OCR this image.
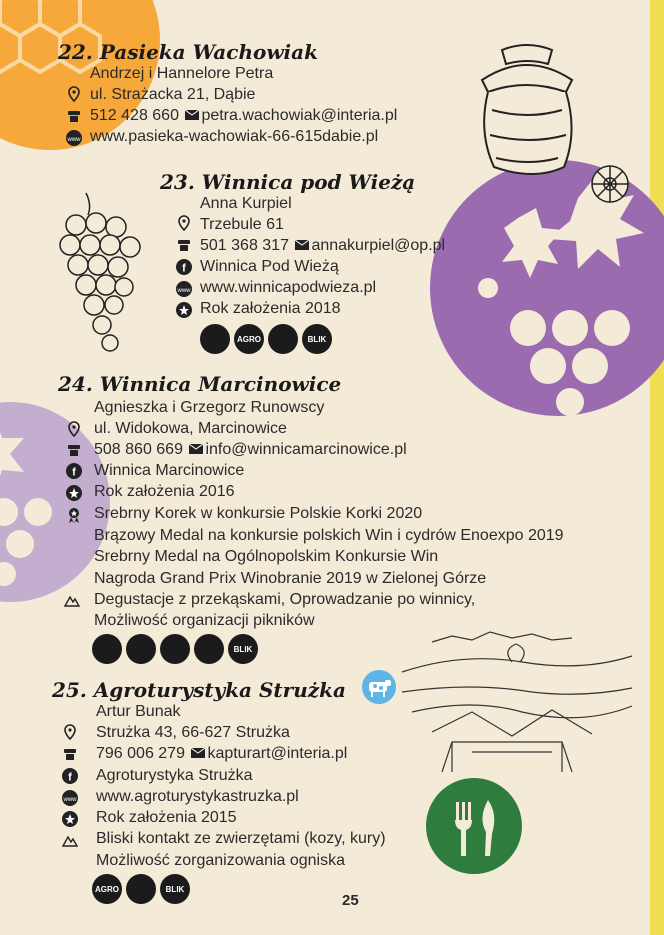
22. Pasieka Wachowiak
Andrzej i Hannelore Petra
ul. Strażacka 21, Dąbie
512 428 660 petra.wachowiak@interia.pl
www www.pasieka-wachowiak-66-615dabie.pl
23. Winnica pod Wieżą
Anna Kurpiel
Trzebule 61
501 368 317 annakurpiel@op.pl
f Winnica Pod Wieżą
www www.winnicapodwieza.pl
Rok założenia 2018
AGRO	BLIK
24. Winnica Marcinowice
Agnieszka i Grzegorz Runowscy
ul. Widokowa, Marcinowice
508 860 669 info@winnicamarcinowice.pl
f Winnica Marcinowice
Rok założenia 2016
Srebrny Korek w konkursie Polskie Korki 2020
Brązowy Medal na konkursie polskich Win i cydrów Enoexpo 2019
Srebrny Medal na Ogólnopolskim Konkursie Win
Nagroda Grand Prix Winobranie 2019 w Zielonej Górze
Degustacje z przekąskami, Oprowadzanie po winnicy,
Możliwość organizacji pikników
BLIK
25. Agroturystyka Strużka
Artur Bunak
Strużka 43, 66-627 Strużka
796 006 279 kapturart@interia.pl
f Agroturystyka Strużka
www www.agroturystykastruzka.pl
Rok założenia 2015
Bliski kontakt ze zwierzętami (kozy, kury)
Możliwość zorganizowania ogniska
AGRO	BLIK
25
